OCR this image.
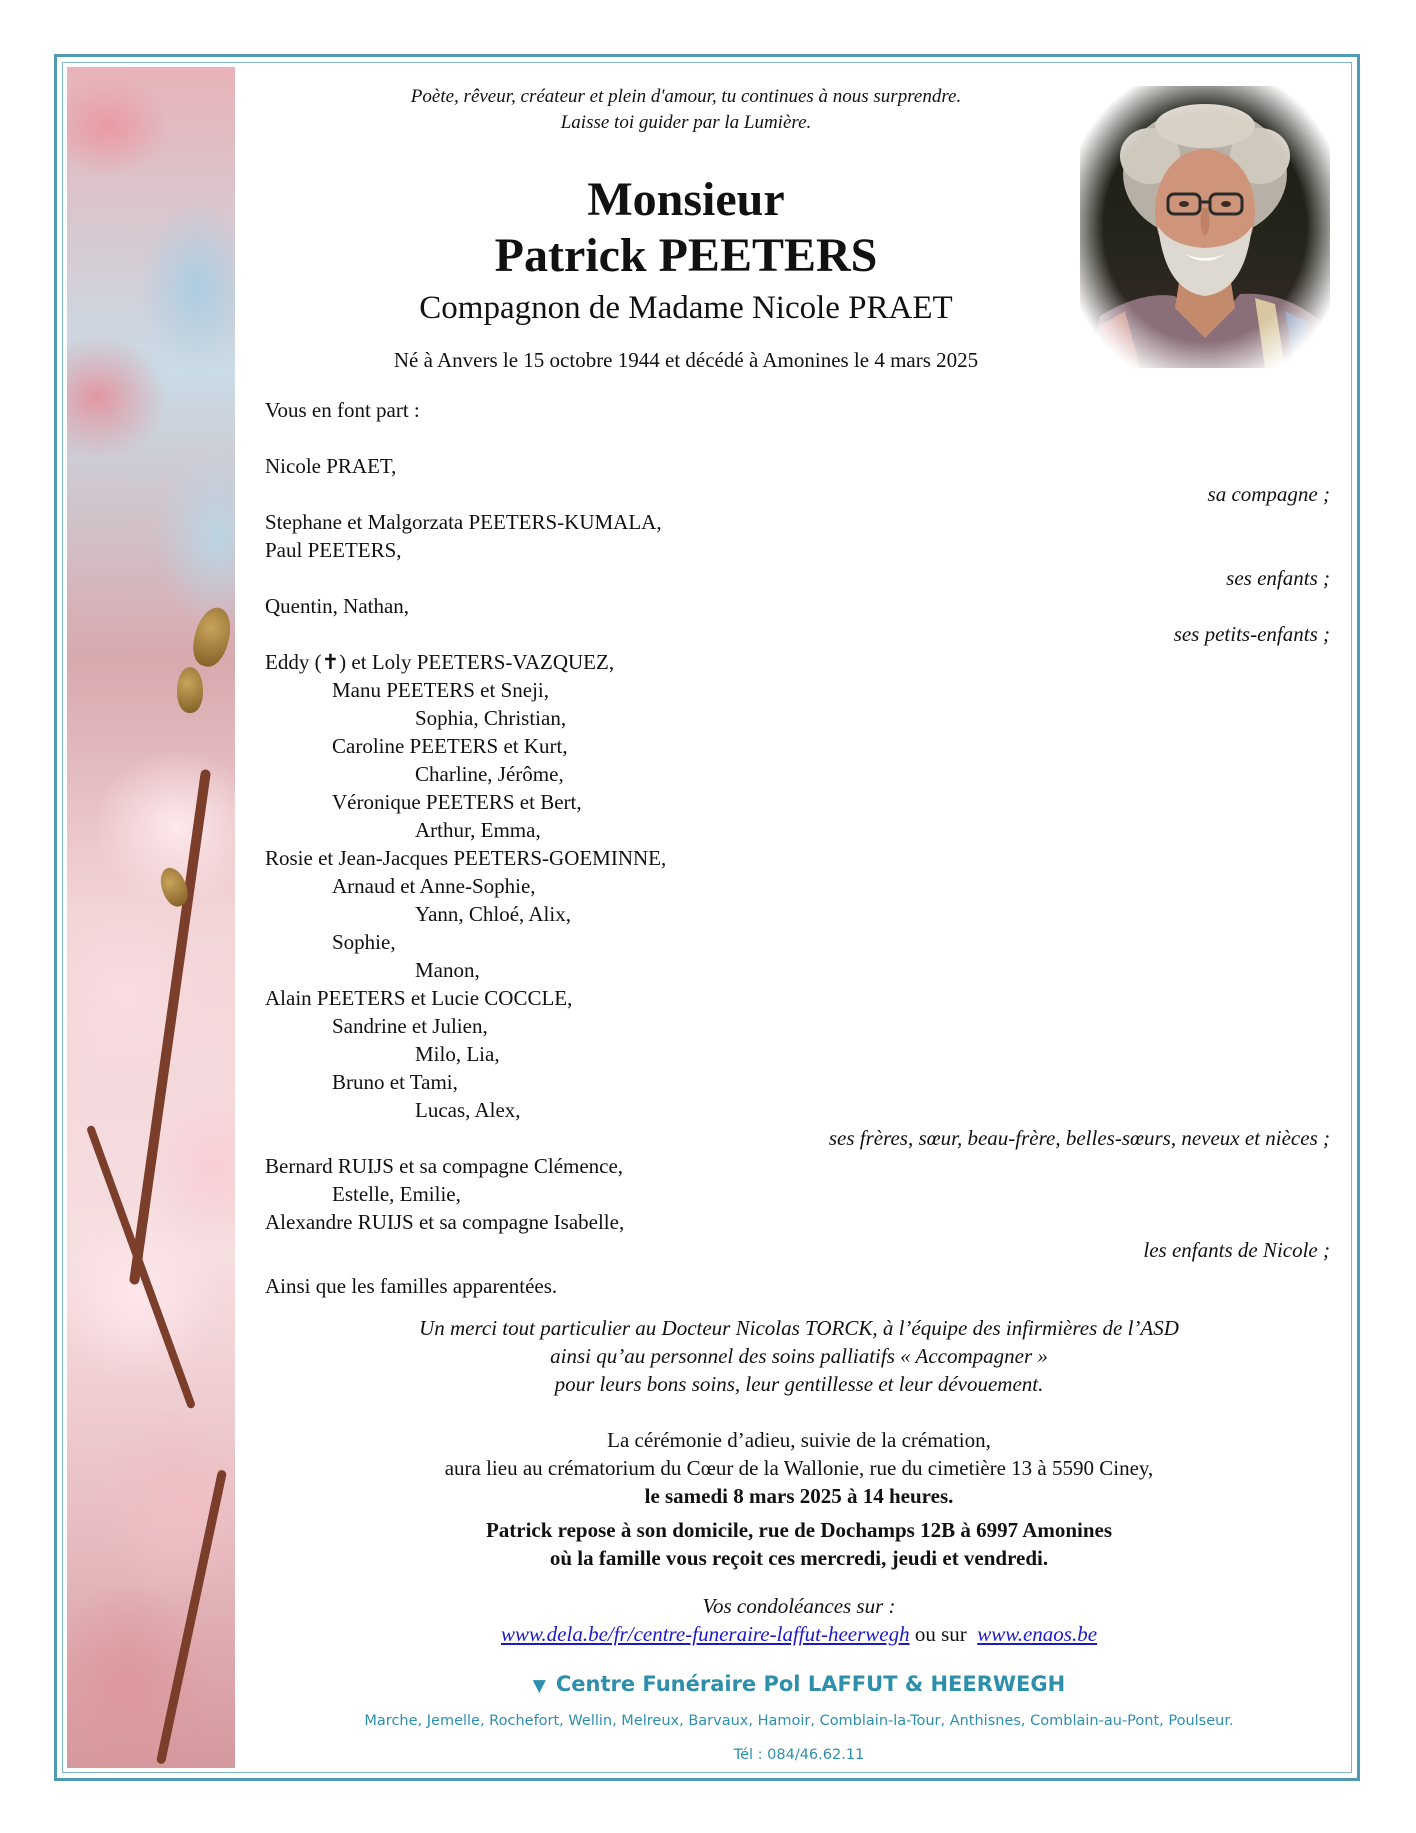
Poète, rêveur, créateur et plein d'amour, tu continues à nous surprendre.
Laisse toi guider par la Lumière.
Monsieur
Patrick PEETERS
Compagnon de Madame Nicole PRAET
Né à Anvers le 15 octobre 1944 et décédé à Amonines le 4 mars 2025
Vous en font part :
Nicole PRAET,
sa compagne ;
Stephane et Malgorzata PEETERS-KUMALA,
Paul PEETERS,
ses enfants ;
Quentin, Nathan,
ses petits-enfants ;
Eddy (✝) et Loly PEETERS-VAZQUEZ,
Manu PEETERS et Sneji,
Sophia, Christian,
Caroline PEETERS et Kurt,
Charline, Jérôme,
Véronique PEETERS et Bert,
Arthur, Emma,
Rosie et Jean-Jacques PEETERS-GOEMINNE,
Arnaud et Anne-Sophie,
Yann, Chloé, Alix,
Sophie,
Manon,
Alain PEETERS et Lucie COCCLE,
Sandrine et Julien,
Milo, Lia,
Bruno et Tami,
Lucas, Alex,
ses frères, sœur, beau-frère, belles-sœurs, neveux et nièces ;
Bernard RUIJS et sa compagne Clémence,
Estelle, Emilie,
Alexandre RUIJS et sa compagne Isabelle,
les enfants de Nicole ;
Ainsi que les familles apparentées.
Un merci tout particulier au Docteur Nicolas TORCK, à l’équipe des infirmières de l’ASD
ainsi qu’au personnel des soins palliatifs « Accompagner »
pour leurs bons soins, leur gentillesse et leur dévouement.
La cérémonie d’adieu, suivie de la crémation,
aura lieu au crématorium du Cœur de la Wallonie, rue du cimetière 13 à 5590 Ciney,
le samedi 8 mars 2025 à 14 heures.
Patrick repose à son domicile, rue de Dochamps 12B à 6997 Amonines
où la famille vous reçoit ces mercredi, jeudi et vendredi.
Vos condoléances sur :
www.dela.be/fr/centre-funeraire-laffut-heerwegh ou sur www.enaos.be
▼ Centre Funéraire Pol LAFFUT & HEERWEGH
Marche, Jemelle, Rochefort, Wellin, Melreux, Barvaux, Hamoir, Comblain-la-Tour, Anthisnes, Comblain-au-Pont, Poulseur.
Tél : 084/46.62.11
